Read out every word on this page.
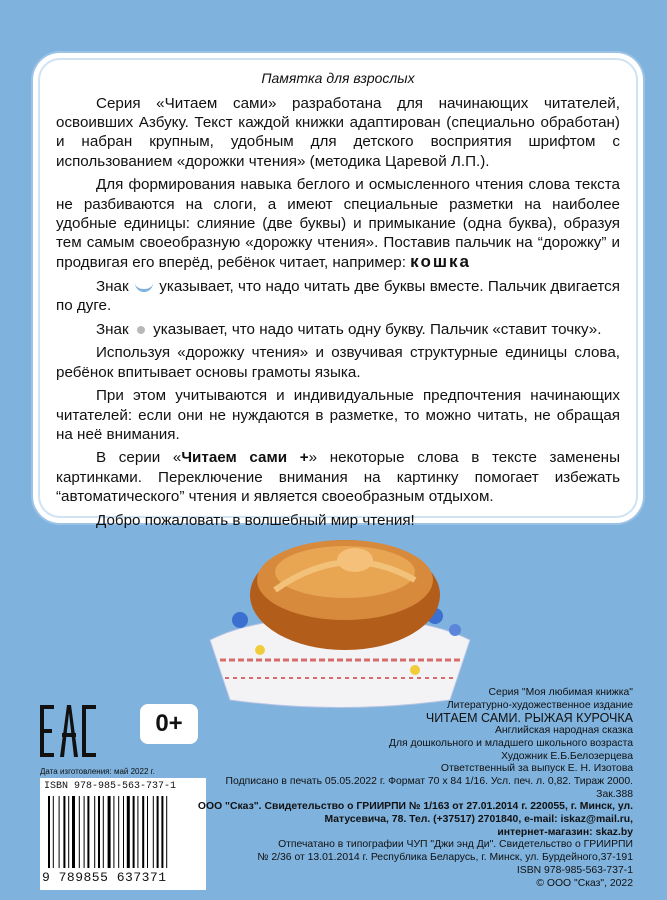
Памятка для взрослых

Серия «Читаем сами» разработана для начинающих читателей, освоивших Азбуку. Текст каждой книжки адаптирован (специально обработан) и набран крупным, удобным для детского восприятия шрифтом с использованием «дорожки чтения» (методика Царевой Л.П.).

Для формирования навыка беглого и осмысленного чтения слова текста не разбиваются на слоги, а имеют специальные разметки на наиболее удобные единицы: слияние (две буквы) и примыкание (одна буква), образуя тем самым своеобразную «дорожку чтения». Поставив пальчик на “дорожку” и продвигая его вперёд, ребёнок читает, например: кошка

Знак указывает, что надо читать две буквы вместе. Пальчик двигается по дуге.

Знак указывает, что надо читать одну букву. Пальчик «ставит точку».

Используя «дорожку чтения» и озвучивая структурные единицы слова, ребёнок впитывает основы грамоты языка.

При этом учитываются и индивидуальные предпочтения начинающих читателей: если они не нуждаются в разметке, то можно читать, не обращая на неё внимания.

В серии «Читаем сами +» некоторые слова в тексте заменены картинками. Переключение внимания на картинку помогает избежать “автоматического” чтения и является своеобразным отдыхом.

Добро пожаловать в волшебный мир чтения!

0+
Дата изготовления: май 2022 г.
ISBN 978-985-563-737-1
9 789855 637371
Серия "Моя любимая книжка"
Литературно-художественное издание
ЧИТАЕМ САМИ. РЫЖАЯ КУРОЧКА
Английская народная сказка
Для дошкольного и младшего школьного возраста
Художник Е.Б.Белозерцева
Ответственный за выпуск Е. Н. Изотова
Подписано в печать 05.05.2022 г. Формат 70 х 84 1/16. Усл. печ. л. 0,82. Тираж 2000. Зак.388
ООО "Сказ". Свидетельство о ГРИИРПИ № 1/163 от 27.01.2014 г. 220055, г. Минск, ул.
Матусевича, 78. Тел. (+37517) 2701840, e-mail: iskaz@mail.ru,
интернет-магазин: skaz.by
Отпечатано в типографии ЧУП "Джи энд Ди". Свидетельство о ГРИИРПИ
№ 2/36 от 13.01.2014 г. Республика Беларусь, г. Минск, ул. Бурдейного,37-191
ISBN 978-985-563-737-1
© ООО "Сказ", 2022
